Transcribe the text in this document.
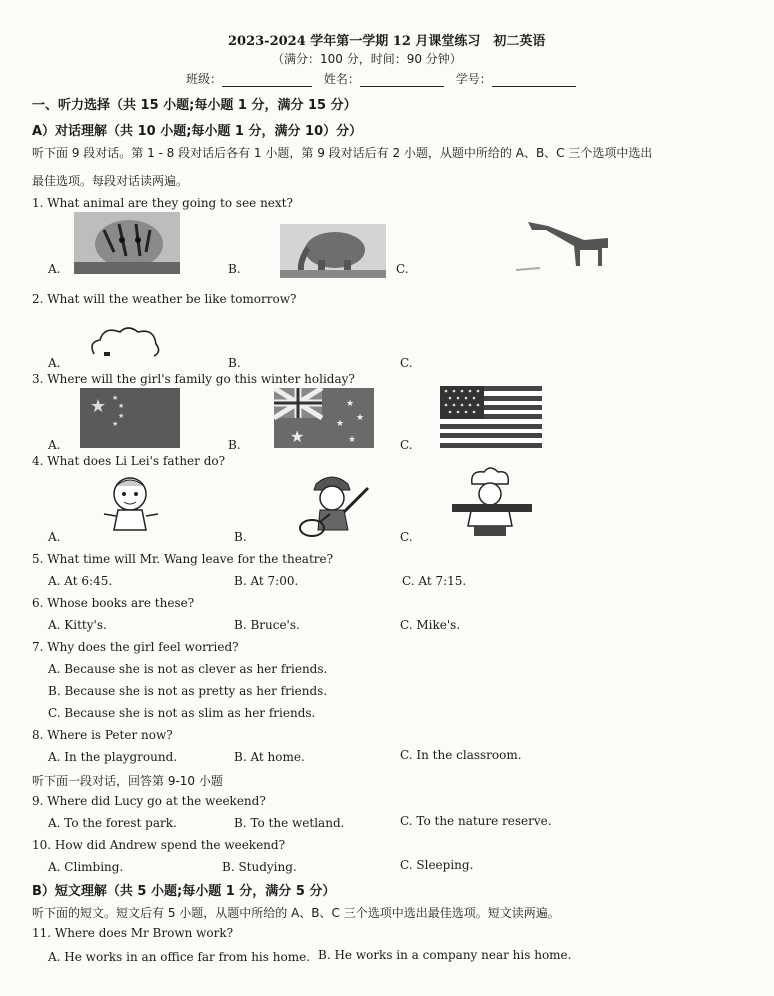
2023-2024 学年第一学期 12 月课堂练习　初二英语
（满分：100 分，时间：90 分钟）
班级：	姓名：	学号：
一、听力选择（共 15 小题;每小题 1 分，满分 15 分）
A）对话理解（共 10 小题;每小题 1 分，满分 10）分）
听下面 9 段对话。第 1 - 8 段对话后各有 1 小题，第 9 段对话后有 2 小题，从题中所给的 A、B、C 三个选项中选出
最佳选项。每段对话读两遍。
1. What animal are they going to see next?
A.	B.	C.
2. What will the weather be like tomorrow?
A.	B.	C.
3. Where will the girl's family go this winter holiday?
A.	B.	C.
★ ★
★
★
★
★
★
★
★
★
4. What does Li Lei's father do?
A.	B.	C.
5. What time will Mr. Wang leave for the theatre?
A. At 6:45.	B. At 7:00.	C. At 7:15.
6. Whose books are these?
A. Kitty's.	B. Bruce's.	C. Mike's.
7. Why does the girl feel worried?
A. Because she is not as clever as her friends.
B. Because she is not as pretty as her friends.
C. Because she is not as slim as her friends.
8. Where is Peter now?
A. In the playground.	B. At home.	C. In the classroom.
听下面一段对话，回答第 9-10 小题
9. Where did Lucy go at the weekend?
A. To the forest park.	B. To the wetland.	C. To the nature reserve.
10. How did Andrew spend the weekend?
A. Climbing.	B. Studying.	C. Sleeping.
B）短文理解（共 5 小题;每小题 1 分，满分 5 分）
听下面的短文。短文后有 5 小题，从题中所给的 A、B、C 三个选项中选出最佳选项。短文读两遍。
11. Where does Mr Brown work?
A. He works in an office far from his home. B. He works in a company near his home.
